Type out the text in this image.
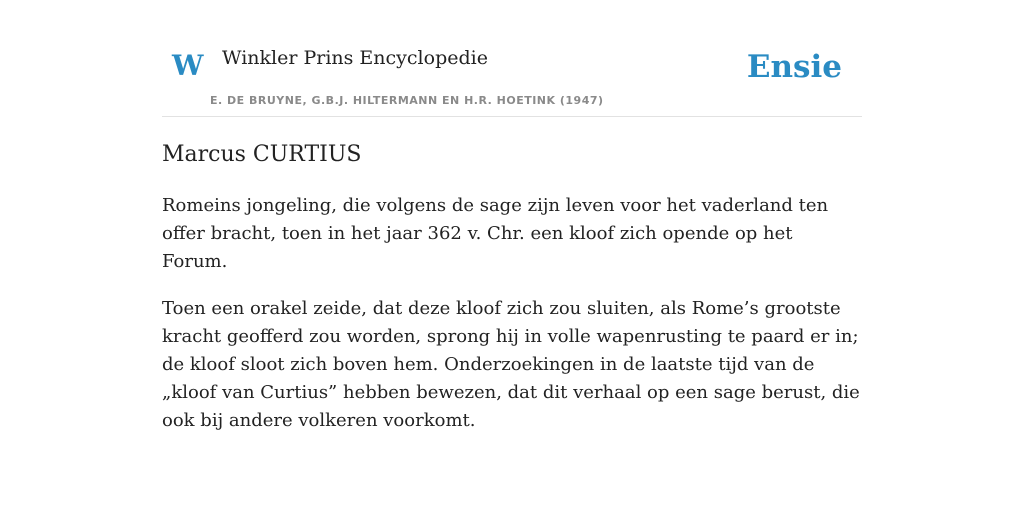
W Winkler Prins Encyclopedie
E. DE BRUYNE, G.B.J. HILTERMANN EN H.R. HOETINK (1947)
Ensie
Marcus CURTIUS

Romeins jongeling, die volgens de sage zijn leven voor het vaderland ten offer bracht, toen in het jaar 362 v. Chr. een kloof zich opende op het Forum.

Toen een orakel zeide, dat deze kloof zich zou sluiten, als Rome’s grootste kracht geofferd zou worden, sprong hij in volle wapenrusting te paard er in; de kloof sloot zich boven hem. Onderzoekingen in de laatste tijd van de „kloof van Curtius” hebben bewezen, dat dit verhaal op een sage berust, die ook bij andere volkeren voorkomt.
